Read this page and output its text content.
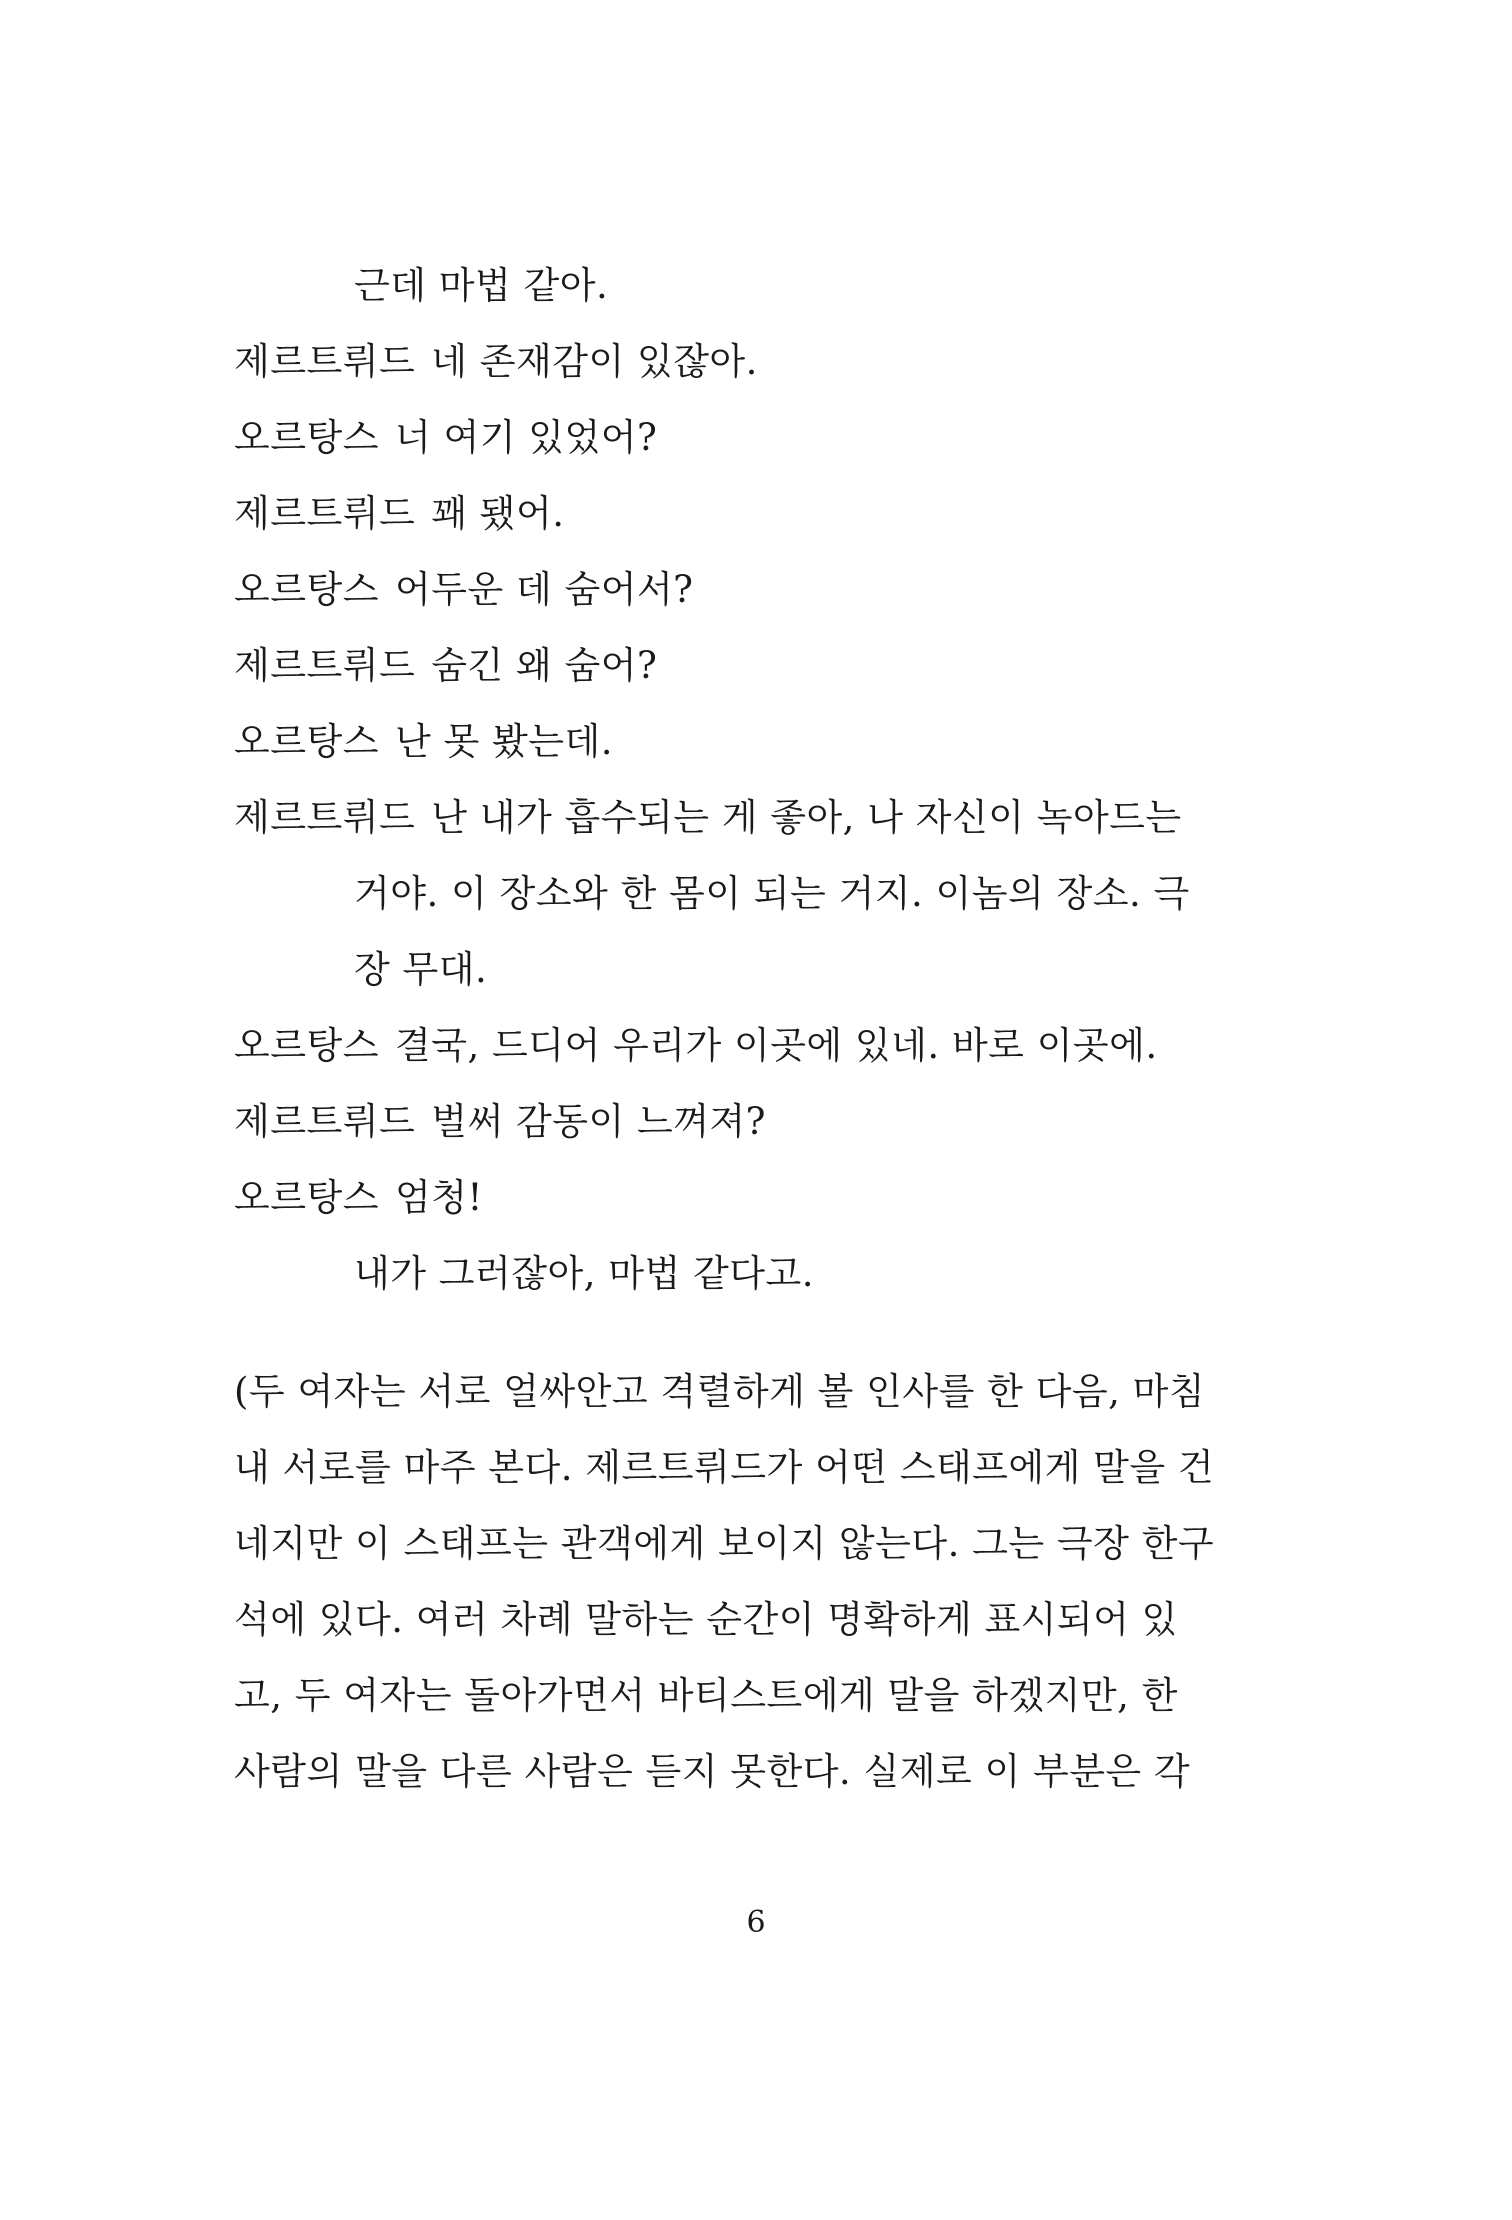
근데 마법 같아.
제르트뤼드 네 존재감이 있잖아.
오르탕스 너 여기 있었어?
제르트뤼드 꽤 됐어.
오르탕스 어두운 데 숨어서?
제르트뤼드 숨긴 왜 숨어?
오르탕스 난 못 봤는데.
제르트뤼드 난 내가 흡수되는 게 좋아, 나 자신이 녹아드는
거야. 이 장소와 한 몸이 되는 거지. 이놈의 장소. 극
장 무대.
오르탕스 결국, 드디어 우리가 이곳에 있네. 바로 이곳에.
제르트뤼드 벌써 감동이 느껴져?
오르탕스 엄청!
내가 그러잖아, 마법 같다고.
(두 여자는 서로 얼싸안고 격렬하게 볼 인사를 한 다음, 마침
내 서로를 마주 본다. 제르트뤼드가 어떤 스태프에게 말을 건
네지만 이 스태프는 관객에게 보이지 않는다. 그는 극장 한구
석에 있다. 여러 차례 말하는 순간이 명확하게 표시되어 있
고, 두 여자는 돌아가면서 바티스트에게 말을 하겠지만, 한
사람의 말을 다른 사람은 듣지 못한다. 실제로 이 부분은 각
6
